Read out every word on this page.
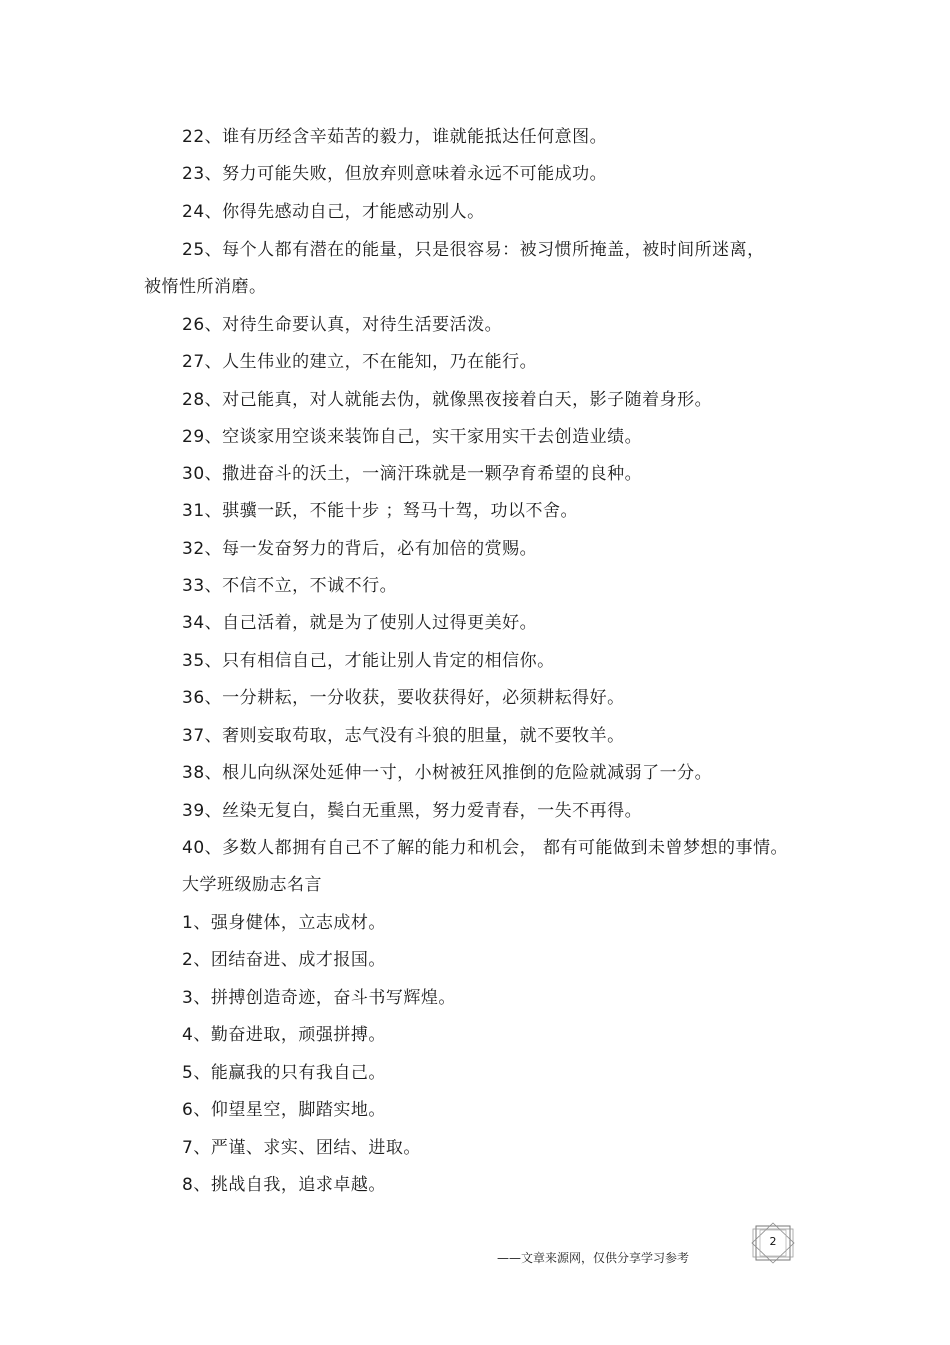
22、谁有历经含辛茹苦的毅力，谁就能抵达任何意图。
23、努力可能失败，但放弃则意味着永远不可能成功。
24、你得先感动自己，才能感动别人。
25、每个人都有潜在的能量，只是很容易：被习惯所掩盖，被时间所迷离，
被惰性所消磨。
26、对待生命要认真，对待生活要活泼。
27、人生伟业的建立，不在能知，乃在能行。
28、对己能真，对人就能去伪，就像黑夜接着白天，影子随着身形。
29、空谈家用空谈来装饰自己，实干家用实干去创造业绩。
30、撒进奋斗的沃土，一滴汗珠就是一颗孕育希望的良种。
31、骐骥一跃，不能十步 ；驽马十驾，功以不舍。
32、每一发奋努力的背后，必有加倍的赏赐。
33、不信不立，不诚不行。
34、自己活着，就是为了使别人过得更美好。
35、只有相信自己，才能让别人肯定的相信你。
36、一分耕耘，一分收获，要收获得好，必须耕耘得好。
37、奢则妄取苟取，志气没有斗狼的胆量，就不要牧羊。
38、根儿向纵深处延伸一寸，小树被狂风推倒的危险就减弱了一分。
39、丝染无复白，鬓白无重黑，努力爱青春，一失不再得。
40、多数人都拥有自己不了解的能力和机会， 都有可能做到未曾梦想的事情。
大学班级励志名言
1、强身健体，立志成材。
2、团结奋进、成才报国。
3、拼搏创造奇迹，奋斗书写辉煌。
4、勤奋进取，顽强拼搏。
5、能赢我的只有我自己。
6、仰望星空，脚踏实地。
7、严谨、求实、团结、进取。
8、挑战自我，追求卓越。
2
——文章来源网，仅供分享学习参考
